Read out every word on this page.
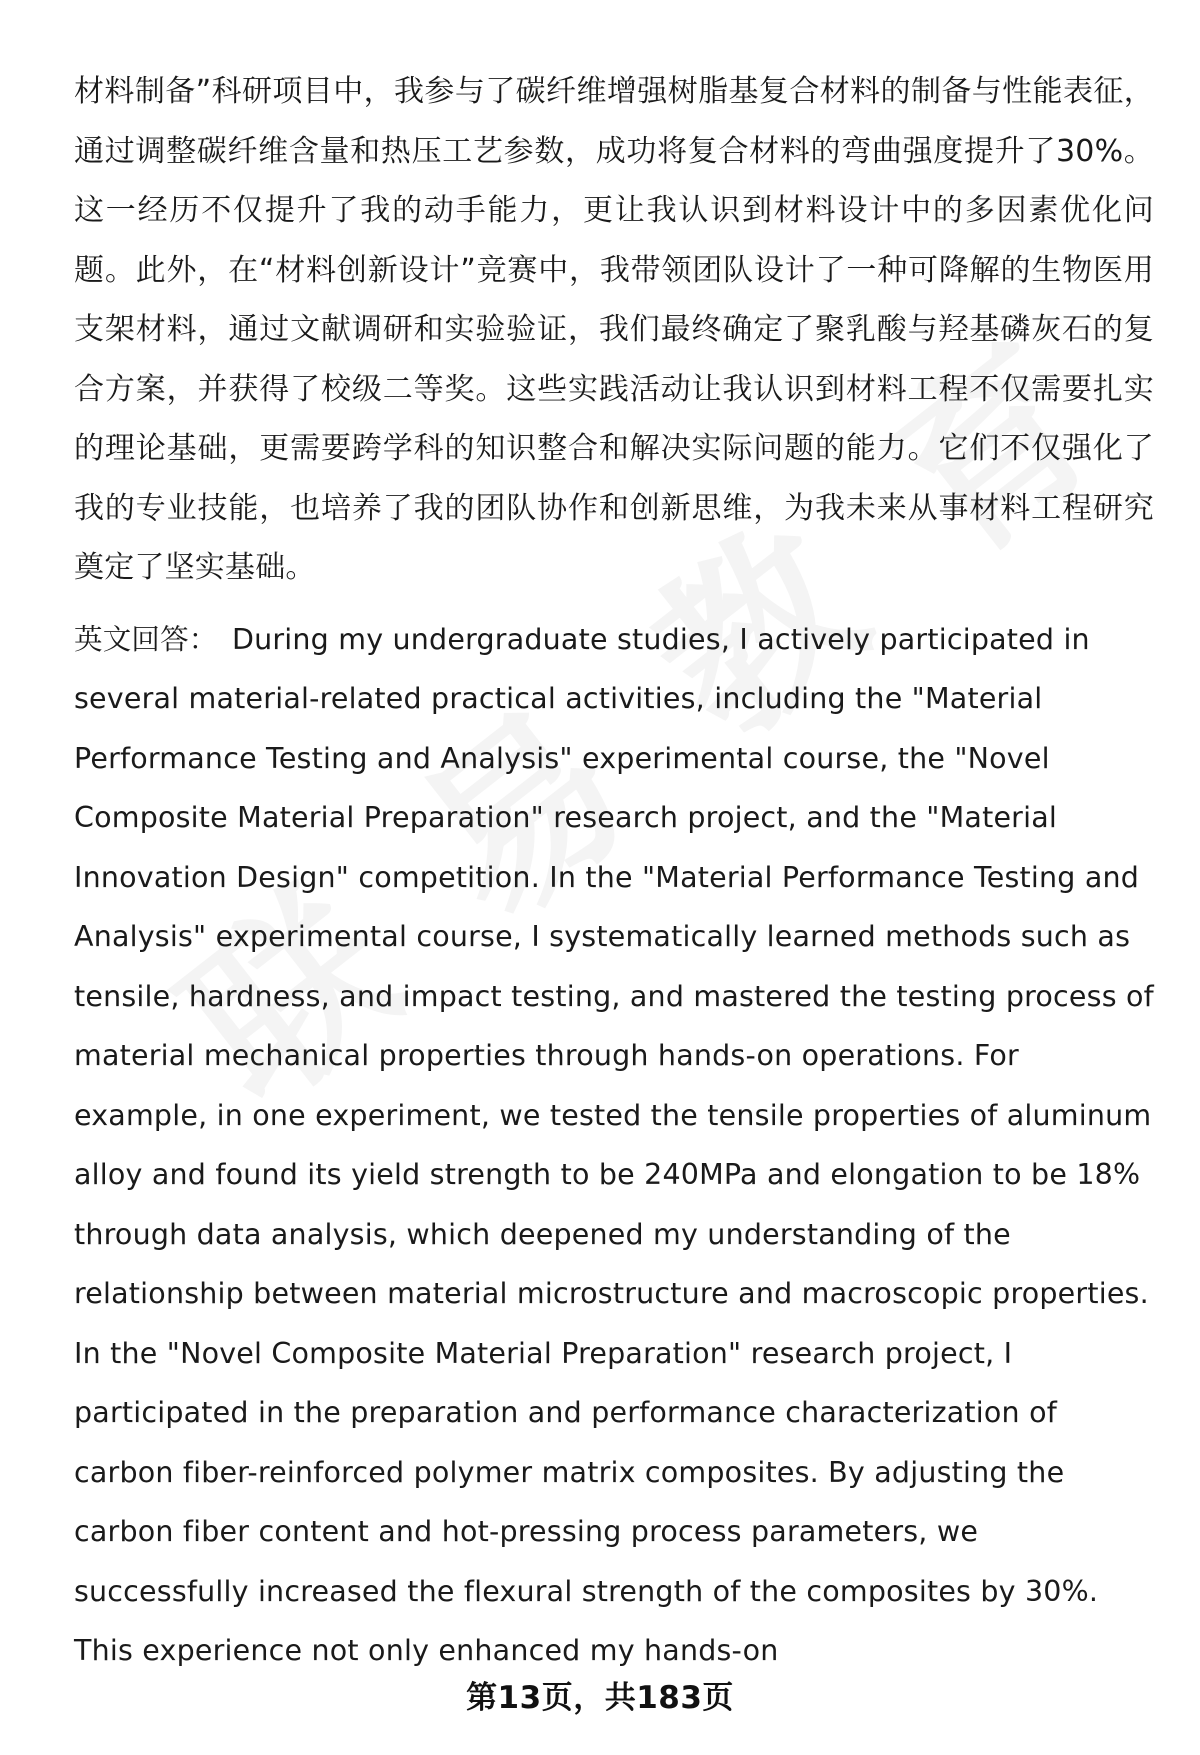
材料制备”科研项目中，我参与了碳纤维增强树脂基复合材料的制备与性能表征，通过调整碳纤维含量和热压工艺参数，成功将复合材料的弯曲强度提升了30%。这一经历不仅提升了我的动手能力，更让我认识到材料设计中的多因素优化问题。此外，在“材料创新设计”竞赛中，我带领团队设计了一种可降解的生物医用支架材料，通过文献调研和实验验证，我们最终确定了聚乳酸与羟基磷灰石的复合方案，并获得了校级二等奖。这些实践活动让我认识到材料工程不仅需要扎实的理论基础，更需要跨学科的知识整合和解决实际问题的能力。它们不仅强化了我的专业技能，也培养了我的团队协作和创新思维，为我未来从事材料工程研究奠定了坚实基础。

英文回答：  During my undergraduate studies, I actively participated in several material-related practical activities, including the "Material Performance Testing and Analysis" experimental course, the "Novel Composite Material Preparation" research project, and the "Material Innovation Design" competition. In the "Material Performance Testing and Analysis" experimental course, I systematically learned methods such as tensile, hardness, and impact testing, and mastered the testing process of material mechanical properties through hands-on operations. For example, in one experiment, we tested the tensile properties of aluminum alloy and found its yield strength to be 240MPa and elongation to be 18% through data analysis, which deepened my understanding of the relationship between material microstructure and macroscopic properties. In the "Novel Composite Material Preparation" research project, I participated in the preparation and performance characterization of carbon fiber-reinforced polymer matrix composites. By adjusting the carbon fiber content and hot-pressing process parameters, we successfully increased the flexural strength of the composites by 30%. This experience not only enhanced my hands-on

第13页，共183页
